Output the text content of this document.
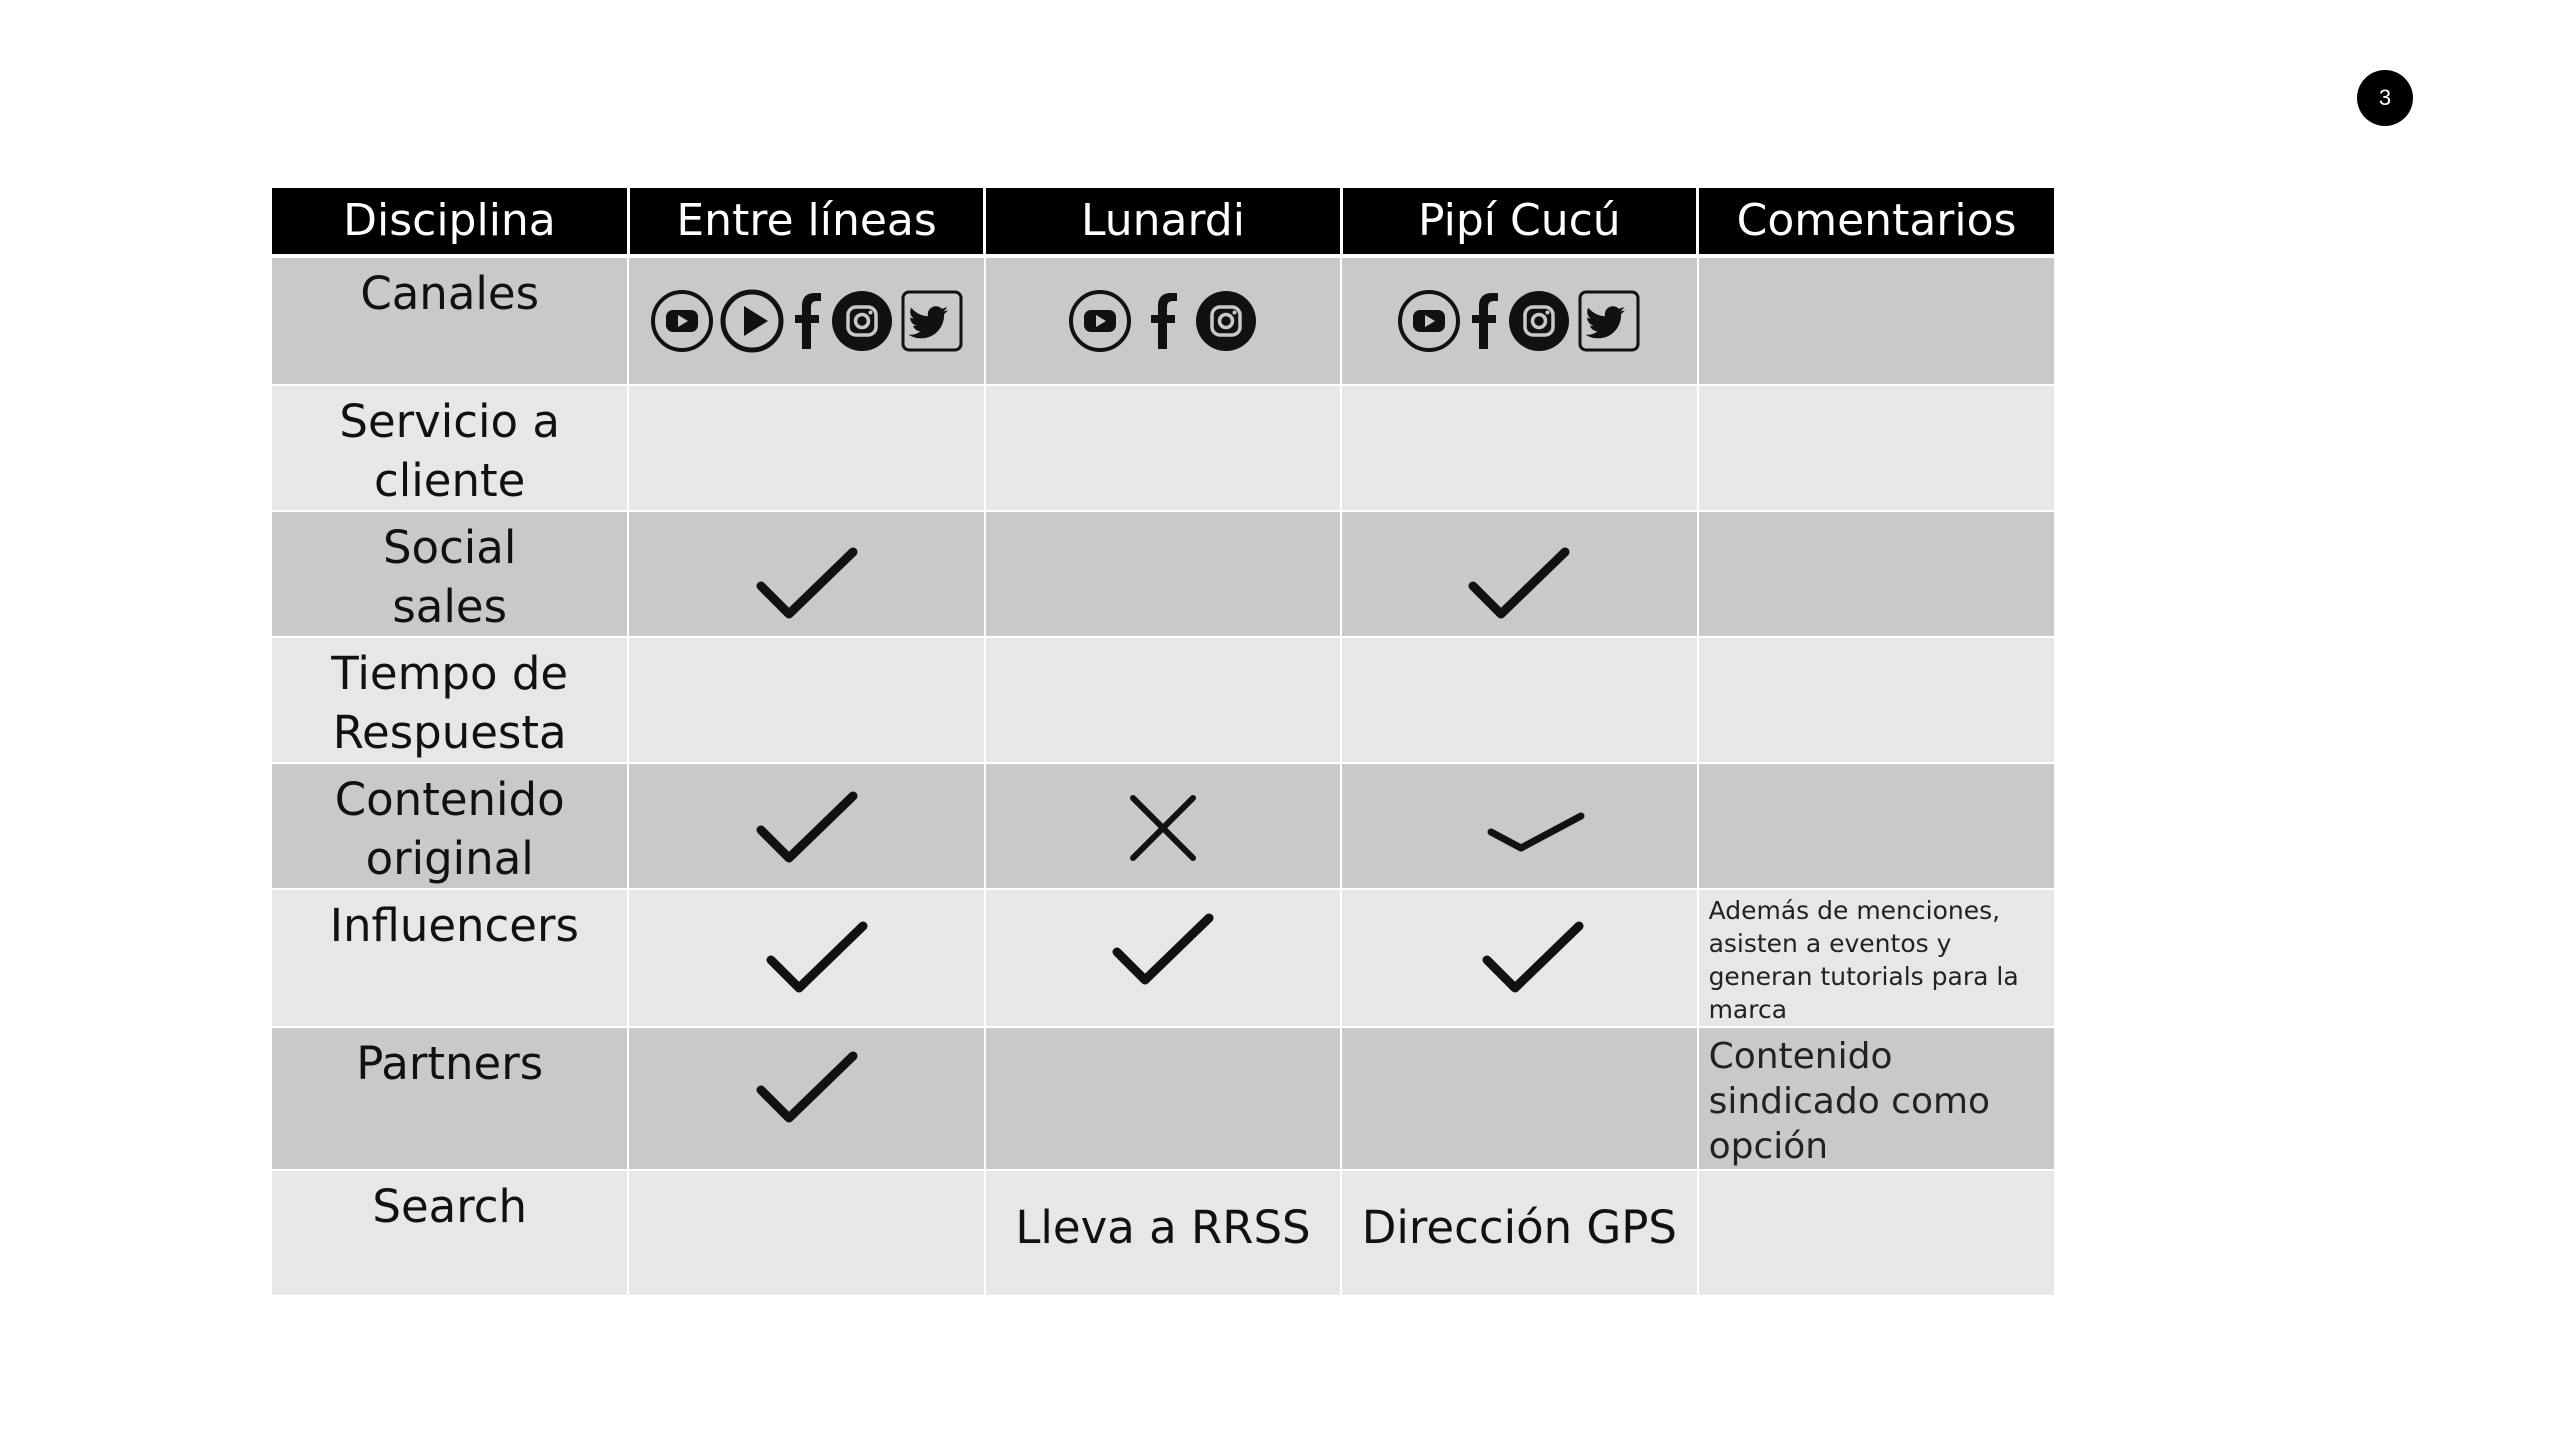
3
Disciplina	Entre líneas	Lunardi	Pipí Cucú	Comentarios

Canales

Servicio a cliente				

Social sales

Tiempo de Respuesta				

Contenido original

Influencers				Además de menciones, asisten a eventos y generan tutorials para la marca

Partners				Contenido sindicado como opción

Search		Lleva a RRSS	Dirección GPS	
